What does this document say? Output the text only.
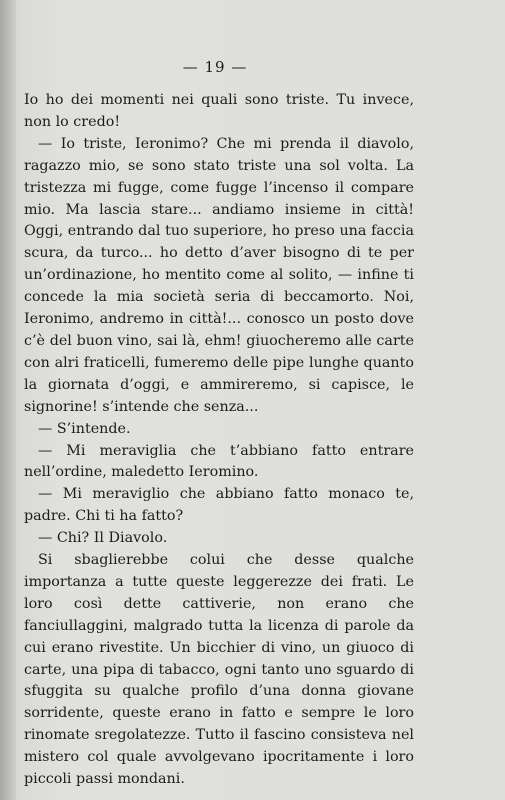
— 19 —

Io ho dei momenti nei quali sono triste. Tu invece, non lo credo!

— Io triste, Ieronimo? Che mi prenda il diavolo, ragazzo mio, se sono stato triste una sol volta. La tristezza mi fugge, come fugge l’incenso il compare mio. Ma lascia stare... andiamo insieme in città! Oggi, entrando dal tuo superiore, ho preso una faccia scura, da turco... ho detto d’aver bisogno di te per un’ordinazione, ho mentito come al solito, — infine ti concede la mia società seria di beccamorto. Noi, Ieronimo, andremo in città!... conosco un posto dove c’è del buon vino, sai là, ehm! giuocheremo alle carte con alri fraticelli, fumeremo delle pipe lunghe quanto la giornata d’oggi, e ammireremo, si capisce, le signorine! s’intende che senza...

— S’intende.

— Mi meraviglia che t’abbiano fatto entrare nell’ordine, maledetto Ieromino.

— Mi meraviglio che abbiano fatto monaco te, padre. Chi ti ha fatto?

— Chi? Il Diavolo.

Si sbaglierebbe colui che desse qualche importanza a tutte queste leggerezze dei frati. Le loro così dette cattiverie, non erano che fanciullaggini, malgrado tutta la licenza di parole da cui erano rivestite. Un bicchier di vino, un giuoco di carte, una pipa di tabacco, ogni tanto uno sguardo di sfuggita su qualche profilo d’una donna giovane sorridente, queste erano in fatto e sempre le loro rinomate sregolatezze. Tutto il fascino consisteva nel mistero col quale avvolgevano ipocritamente i loro piccoli passi mondani.
